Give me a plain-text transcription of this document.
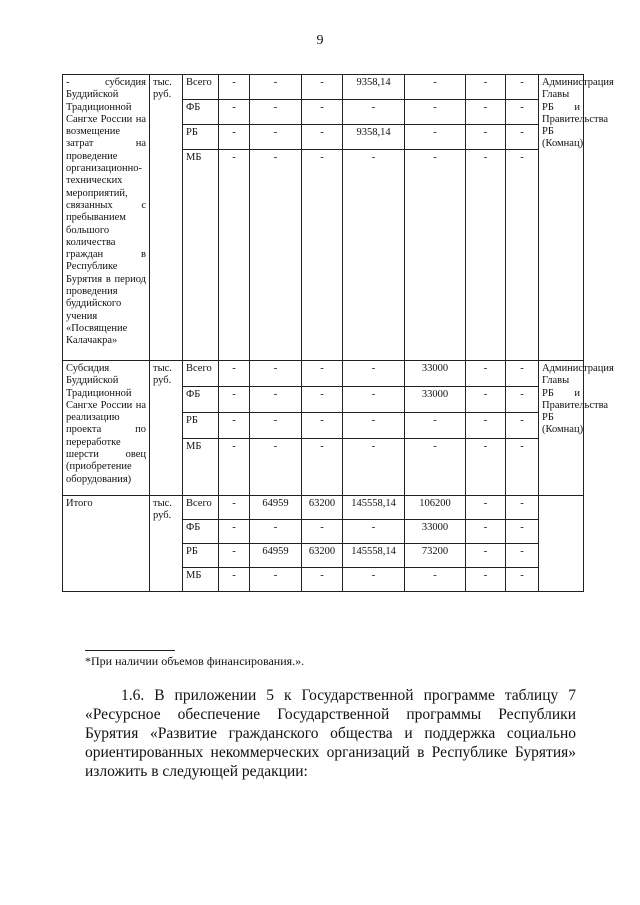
9
- субсидия Буддийской Традиционной Сангхе России на возмещение затрат на проведение организационно-технических мероприятий, связанных с пребыванием большого количества граждан в Республике Бурятия в период проведения буддийского учения «Посвящение Калачакра»	тыс. руб.	Всего	-	-	-	9358,14	-	-	-	Администрация Главы РБ и Правительства РБ (Комнац)
		ФБ	-	-	-	-	-	-	-	
		РБ	-	-	-	9358,14	-	-	-	
		МБ	-	-	-	-	-	-	-	
Субсидия Буддийской Традиционной Сангхе России на реализацию проекта по переработке шерсти овец (приобретение оборудования)	тыс. руб.	Всего	-	-	-	-	33000	-	-	Администрация Главы РБ и Правительства РБ (Комнац)
		ФБ	-	-	-	-	33000	-	-	
		РБ	-	-	-	-	-	-	-	
		МБ	-	-	-	-	-	-	-	
Итого	тыс. руб.	Всего	-	64959	63200	145558,14	106200	-	-	
		ФБ	-	-	-	-	33000	-	-	
		РБ	-	64959	63200	145558,14	73200	-	-	
		МБ	-	-	-	-	-	-	-	
*При наличии объемов финансирования.».

1.6. В приложении 5 к Государственной программе таблицу 7 «Ресурсное обеспечение Государственной программы Республики Бурятия «Развитие гражданского общества и поддержка социально ориентированных некоммерческих организаций в Республике Бурятия» изложить в следующей редакции:
